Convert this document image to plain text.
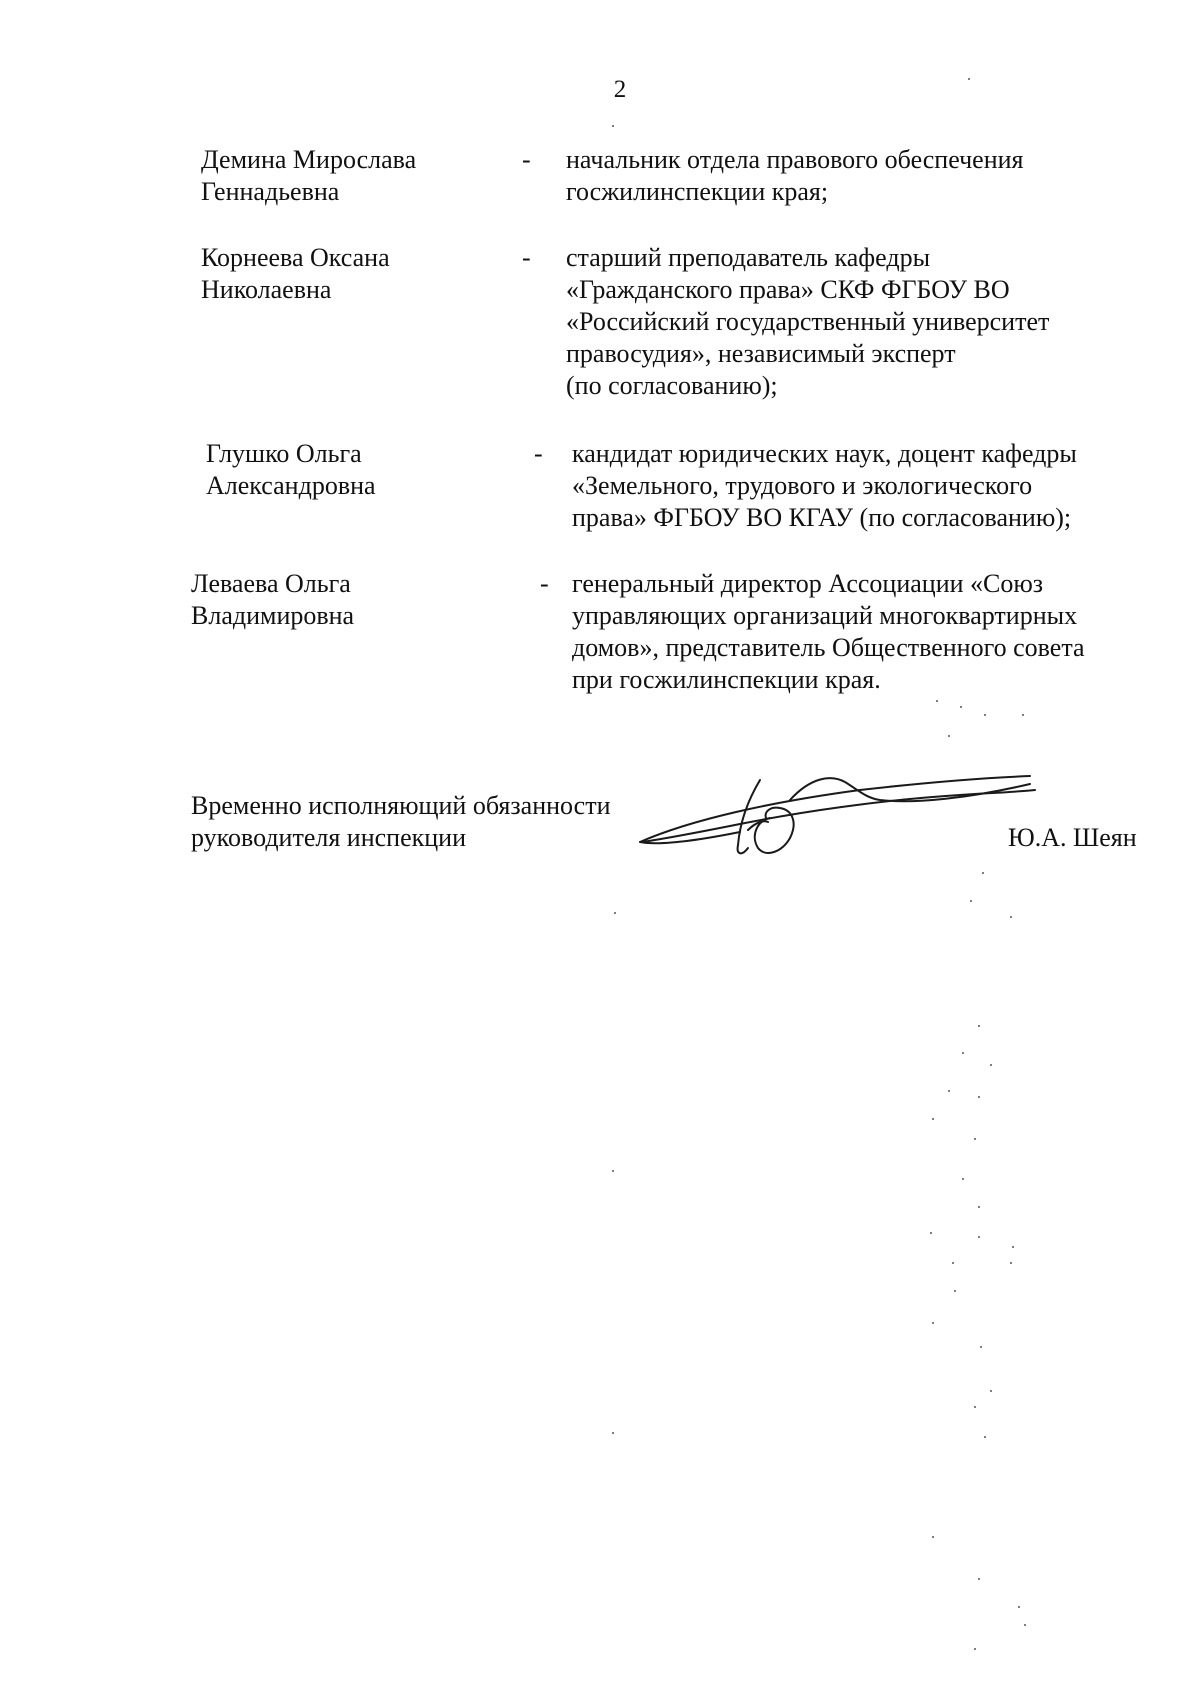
2
Демина Мирослава
Геннадьевна
- начальник отдела правового обеспечения
госжилинспекции края;
Корнеева Оксана
Николаевна
- старший преподаватель кафедры
«Гражданского права» СКФ ФГБОУ ВО
«Российский государственный университет
правосудия», независимый эксперт
(по согласованию);
Глушко Ольга
Александровна
- кандидат юридических наук, доцент кафедры
«Земельного, трудового и экологического
права» ФГБОУ ВО КГАУ (по согласованию);
Леваева Ольга
Владимировна
- генеральный директор Ассоциации «Союз
управляющих организаций многоквартирных
домов», представитель Общественного совета
при госжилинспекции края.
Временно исполняющий обязанности
руководителя инспекции	Ю.А. Шеян
